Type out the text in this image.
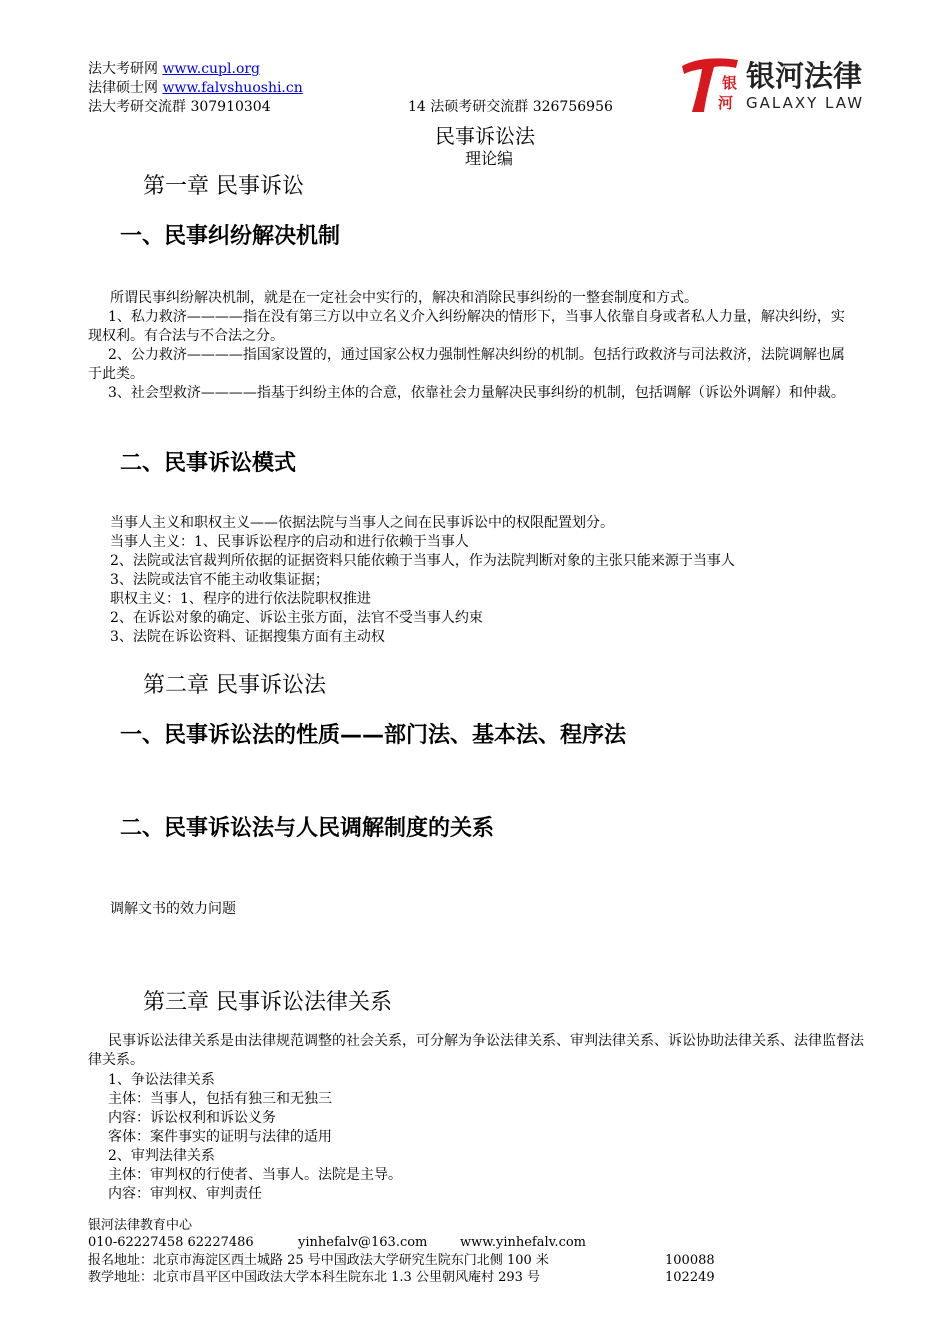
法大考研网 www.cupl.org
法律硕士网 www.falvshuoshi.cn
法大考研交流群 307910304	14 法硕考研交流群 326756956
银
河
银河法律
GALAXY LAW
民事诉讼法
理论编
第一章 民事诉讼
一、民事纠纷解决机制
所谓民事纠纷解决机制，就是在一定社会中实行的，解决和消除民事纠纷的一整套制度和方式。
1、私力救济————指在没有第三方以中立名义介入纠纷解决的情形下，当事人依靠自身或者私人力量，解决纠纷，实现权利。有合法与不合法之分。
2、公力救济————指国家设置的，通过国家公权力强制性解决纠纷的机制。包括行政救济与司法救济，法院调解也属于此类。
3、社会型救济————指基于纠纷主体的合意，依靠社会力量解决民事纠纷的机制，包括调解（诉讼外调解）和仲裁。
二、民事诉讼模式
当事人主义和职权主义——依据法院与当事人之间在民事诉讼中的权限配置划分。
当事人主义：1、民事诉讼程序的启动和进行依赖于当事人
2、法院或法官裁判所依据的证据资料只能依赖于当事人，作为法院判断对象的主张只能来源于当事人
3、法院或法官不能主动收集证据；
职权主义：1、程序的进行依法院职权推进
2、在诉讼对象的确定、诉讼主张方面，法官不受当事人约束
3、法院在诉讼资料、证据搜集方面有主动权
第二章 民事诉讼法
一、民事诉讼法的性质——部门法、基本法、程序法
二、民事诉讼法与人民调解制度的关系
调解文书的效力问题
第三章 民事诉讼法律关系
民事诉讼法律关系是由法律规范调整的社会关系，可分解为争讼法律关系、审判法律关系、诉讼协助法律关系、法律监督法律关系。
1、争讼法律关系
主体：当事人，包括有独三和无独三
内容：诉讼权利和诉讼义务
客体：案件事实的证明与法律的适用
2、审判法律关系
主体：审判权的行使者、当事人。法院是主导。
内容：审判权、审判责任
银河法律教育中心
010-62227458 62227486	yinhefalv@163.com	www.yinhefalv.com
报名地址：北京市海淀区西土城路 25 号中国政法大学研究生院东门北侧 100 米	100088
教学地址：北京市昌平区中国政法大学本科生院东北 1.3 公里朝风庵村 293 号	102249
